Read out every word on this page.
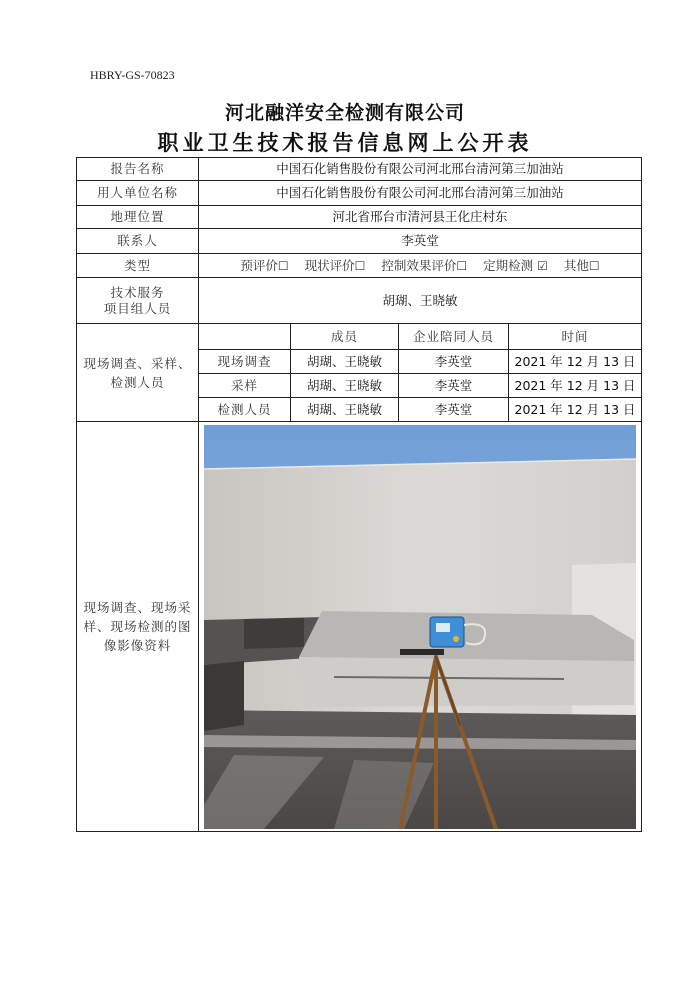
HBRY-GS-70823
河北融洋安全检测有限公司
职业卫生技术报告信息网上公开表
报告名称	中国石化销售股份有限公司河北邢台清河第三加油站			
用人单位名称	中国石化销售股份有限公司河北邢台清河第三加油站			
地理位置	河北省邢台市清河县王化庄村东			
联系人	李英堂			
类型	预评价☐ 现状评价☐ 控制效果评价☐ 定期检测 ☑ 其他☐			

技术服务
项目组人员	胡瑚、王晓敏			
现场调查、采样、检测人员		成员	企业陪同人员	时间
	现场调查	胡瑚、王晓敏	李英堂	2021 年 12 月 13 日
	采样	胡瑚、王晓敏	李英堂	2021 年 12 月 13 日
	检测人员	胡瑚、王晓敏	李英堂	2021 年 12 月 13 日
现场调查、现场采样、现场检测的图像影像资料	
